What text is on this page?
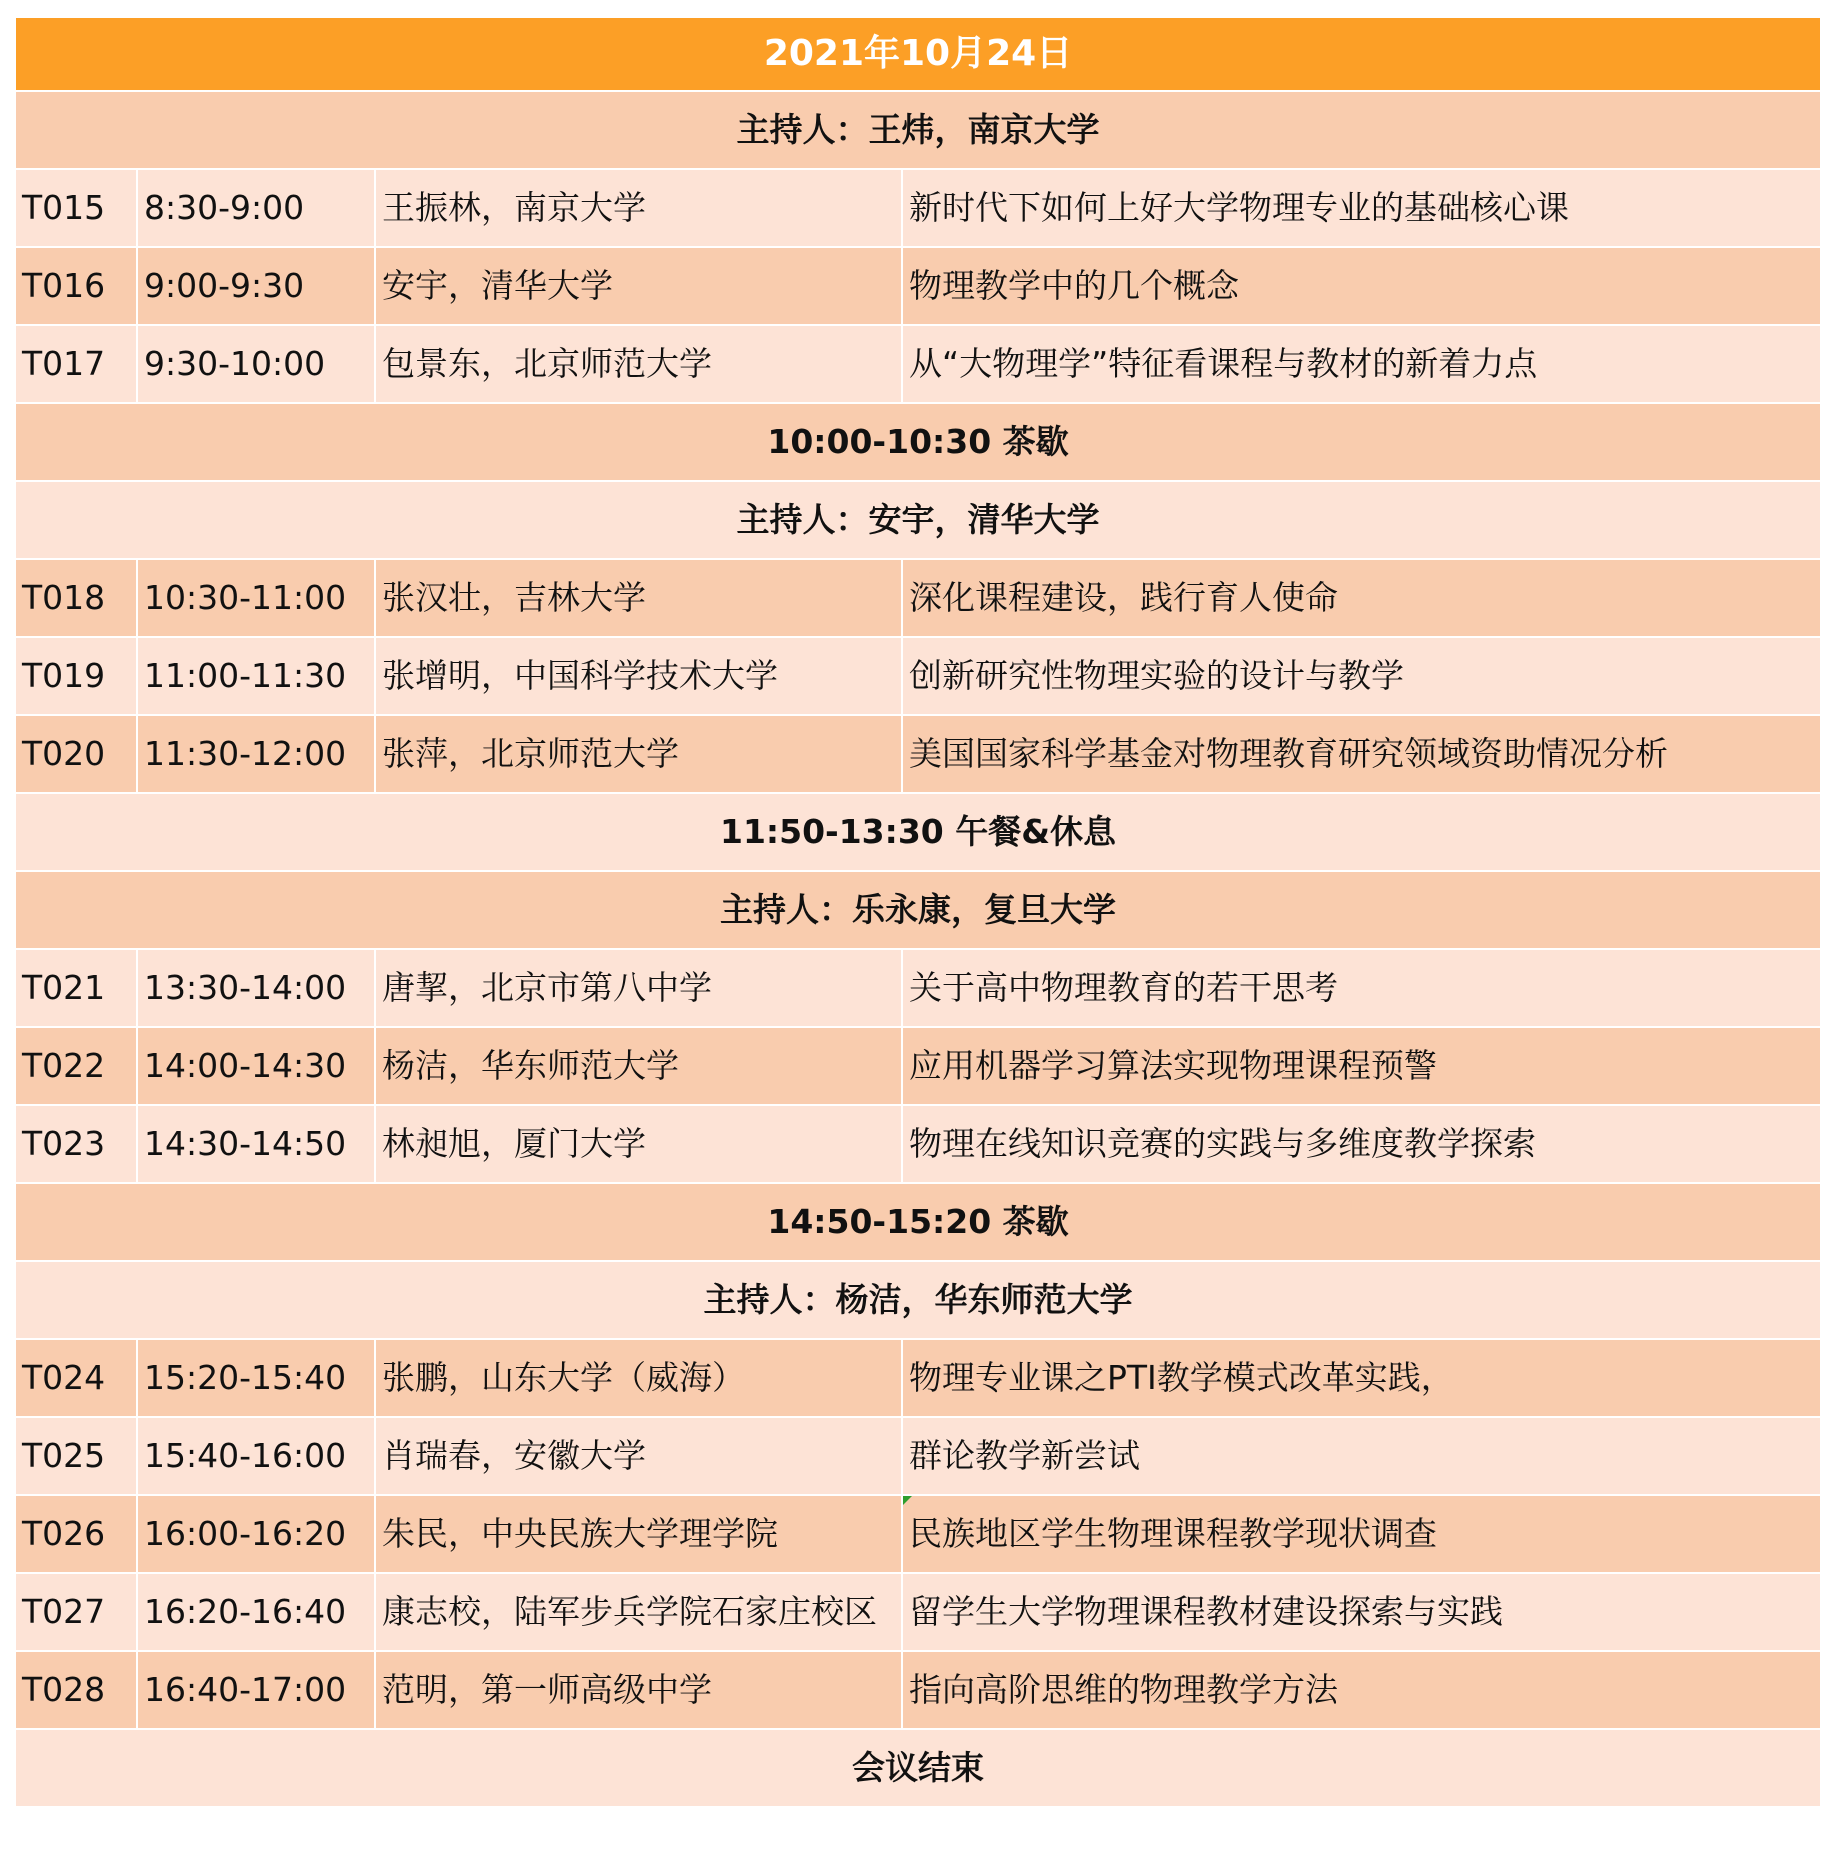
2021年10月24日			
主持人：王炜，南京大学			
T015	8:30-9:00	王振林，南京大学	新时代下如何上好大学物理专业的基础核心课
T016	9:00-9:30	安宇，清华大学	物理教学中的几个概念
T017	9:30-10:00	包景东，北京师范大学	从“大物理学”特征看课程与教材的新着力点
10:00-10:30 茶歇			
主持人：安宇，清华大学			
T018	10:30-11:00	张汉壮，吉林大学	深化课程建设，践行育人使命
T019	11:00-11:30	张增明，中国科学技术大学	创新研究性物理实验的设计与教学
T020	11:30-12:00	张萍，北京师范大学	美国国家科学基金对物理教育研究领域资助情况分析
11:50-13:30 午餐&休息			
主持人：乐永康，复旦大学			
T021	13:30-14:00	唐挈，北京市第八中学	关于高中物理教育的若干思考
T022	14:00-14:30	杨洁，华东师范大学	应用机器学习算法实现物理课程预警
T023	14:30-14:50	林昶旭，厦门大学	物理在线知识竞赛的实践与多维度教学探索
14:50-15:20 茶歇			
主持人：杨洁，华东师范大学			
T024	15:20-15:40	张鹏，山东大学（威海）	物理专业课之PTI教学模式改革实践，
T025	15:40-16:00	肖瑞春，安徽大学	群论教学新尝试
T026	16:00-16:20	朱民，中央民族大学理学院	民族地区学生物理课程教学现状调查
T027	16:20-16:40	康志校，陆军步兵学院石家庄校区	留学生大学物理课程教材建设探索与实践
T028	16:40-17:00	范明，第一师高级中学	指向高阶思维的物理教学方法
会议结束			
